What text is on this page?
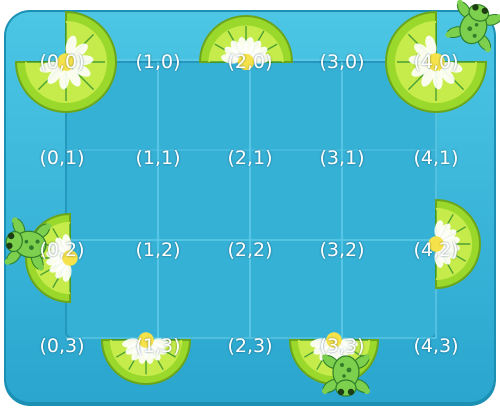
(0,0)	(1,0)	(2,0)	(3,0)	(4,0)
(0,1)	(1,1)	(2,1)	(3,1)	(4,1)
(0,2)	(1,2)	(2,2)	(3,2)	(4,2)
(0,3)	(1,3)	(2,3)	(3,3)	(4,3)
